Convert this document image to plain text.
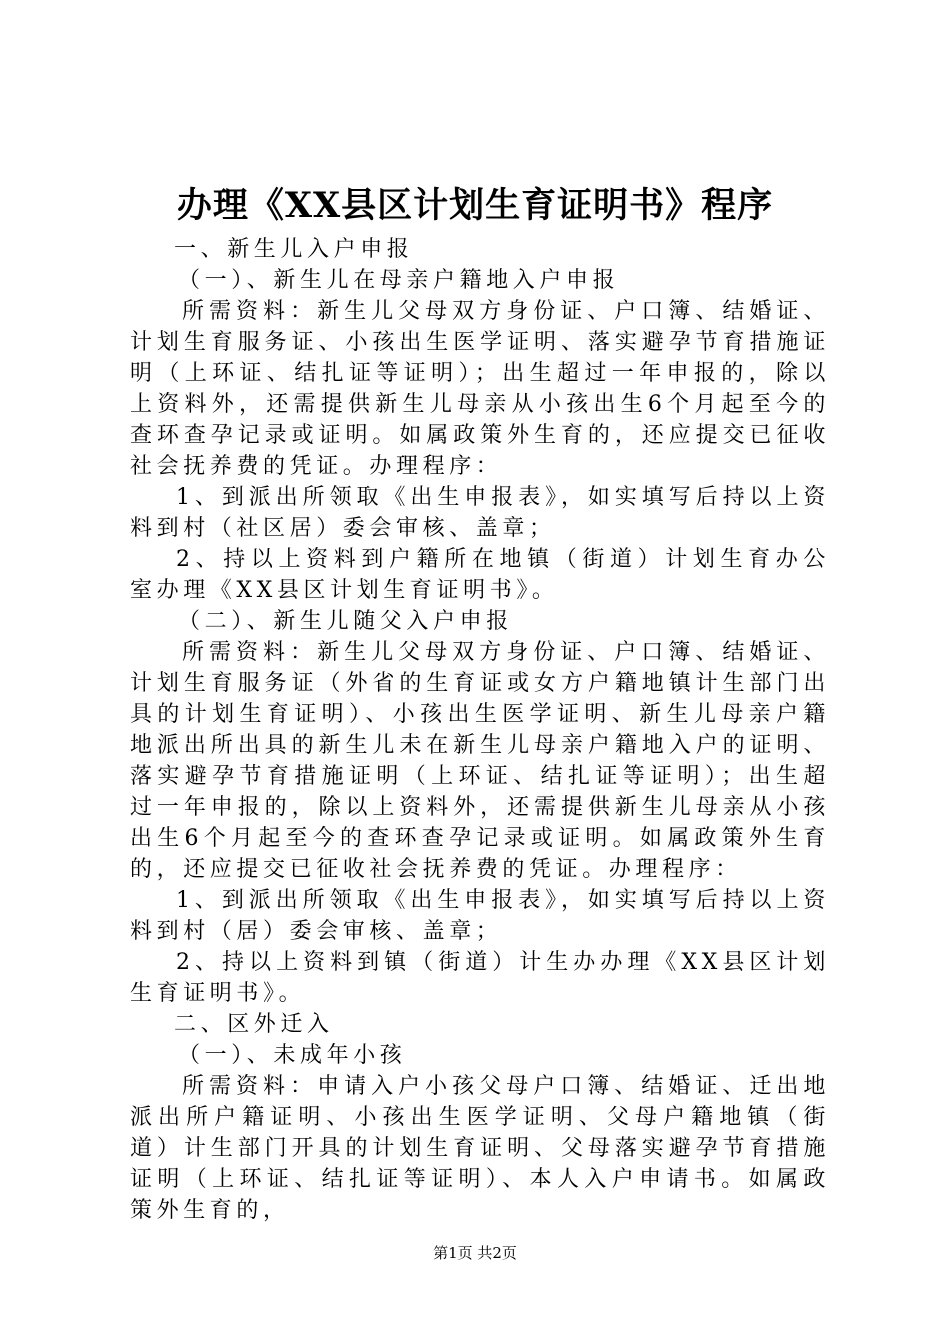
办理《XX县区计划生育证明书》程序

一、新生儿入户申报

（一）、新生儿在母亲户籍地入户申报

所需资料：新生儿父母双方身份证、户口簿、结婚证、计划生育服务证、小孩出生医学证明、落实避孕节育措施证明（上环证、结扎证等证明）；出生超过一年申报的，除以上资料外，还需提供新生儿母亲从小孩出生6个月起至今的查环查孕记录或证明。如属政策外生育的，还应提交已征收社会抚养费的凭证。办理程序：

1、到派出所领取《出生申报表》，如实填写后持以上资料到村（社区居）委会审核、盖章；

2、持以上资料到户籍所在地镇（街道）计划生育办公室办理《XX县区计划生育证明书》。

（二）、新生儿随父入户申报

所需资料：新生儿父母双方身份证、户口簿、结婚证、计划生育服务证（外省的生育证或女方户籍地镇计生部门出具的计划生育证明）、小孩出生医学证明、新生儿母亲户籍地派出所出具的新生儿未在新生儿母亲户籍地入户的证明、落实避孕节育措施证明（上环证、结扎证等证明）；出生超过一年申报的，除以上资料外，还需提供新生儿母亲从小孩出生6个月起至今的查环查孕记录或证明。如属政策外生育的，还应提交已征收社会抚养费的凭证。办理程序：

1、到派出所领取《出生申报表》，如实填写后持以上资料到村（居）委会审核、盖章；

2、持以上资料到镇（街道）计生办办理《XX县区计划生育证明书》。

二、区外迁入

（一）、未成年小孩

所需资料：申请入户小孩父母户口簿、结婚证、迁出地派出所户籍证明、小孩出生医学证明、父母户籍地镇（街道）计生部门开具的计划生育证明、父母落实避孕节育措施证明（上环证、结扎证等证明）、本人入户申请书。如属政策外生育的，

第1页 共2页
